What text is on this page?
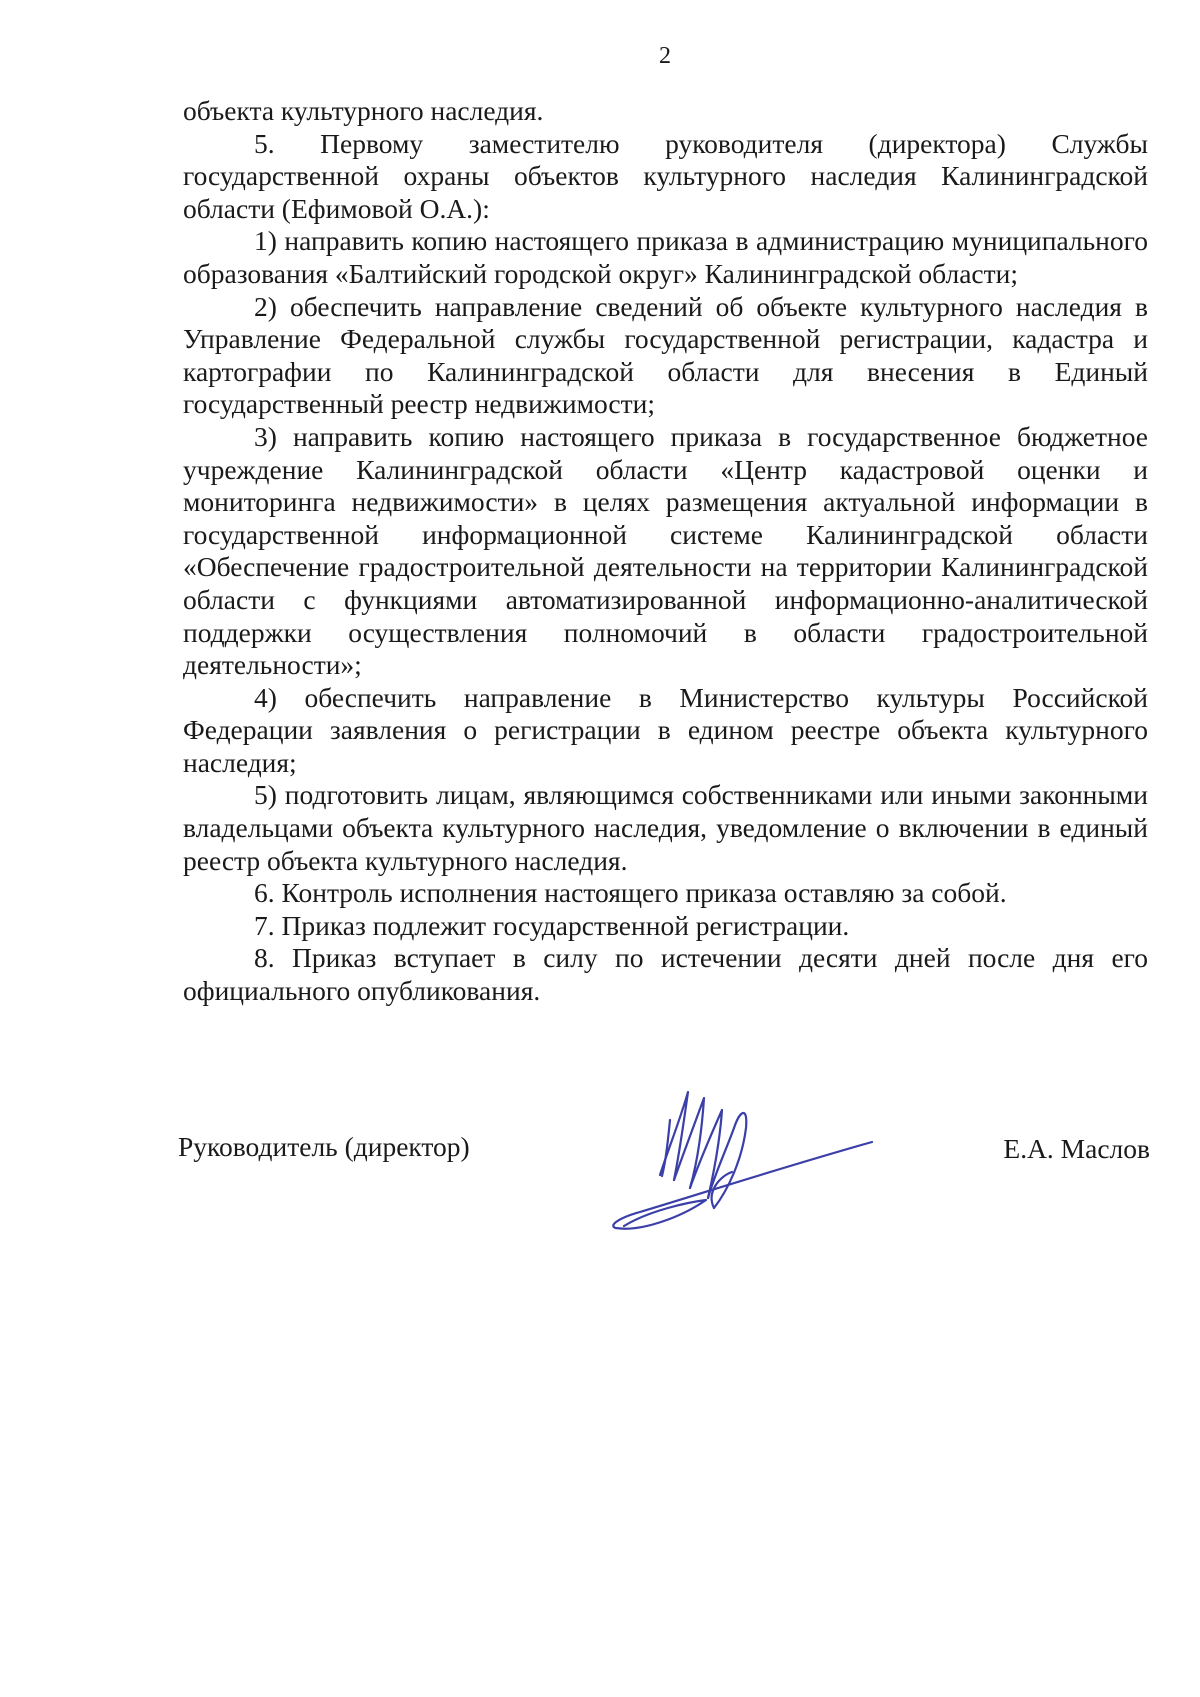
2

объекта культурного наследия.

5. Первому заместителю руководителя (директора) Службы государственной охраны объектов культурного наследия Калининградской области (Ефимовой О.А.):

1) направить копию настоящего приказа в администрацию муниципального образования «Балтийский городской округ» Калининградской области;

2) обеспечить направление сведений об объекте культурного наследия в Управление Федеральной службы государственной регистрации, кадастра и картографии по Калининградской области для внесения в Единый государственный реестр недвижимости;

3) направить копию настоящего приказа в государственное бюджетное учреждение Калининградской области «Центр кадастровой оценки и мониторинга недвижимости» в целях размещения актуальной информации в государственной информационной системе Калининградской области «Обеспечение градостроительной деятельности на территории Калининградской области с функциями автоматизированной информационно-аналитической поддержки осуществления полномочий в области градостроительной деятельности»;

4) обеспечить направление в Министерство культуры Российской Федерации заявления о регистрации в едином реестре объекта культурного наследия;

5) подготовить лицам, являющимся собственниками или иными законными владельцами объекта культурного наследия, уведомление о включении в единый реестр объекта культурного наследия.

6. Контроль исполнения настоящего приказа оставляю за собой.

7. Приказ подлежит государственной регистрации.

8. Приказ вступает в силу по истечении десяти дней после дня его официального опубликования.

Руководитель (директор)	Е.А. Маслов
